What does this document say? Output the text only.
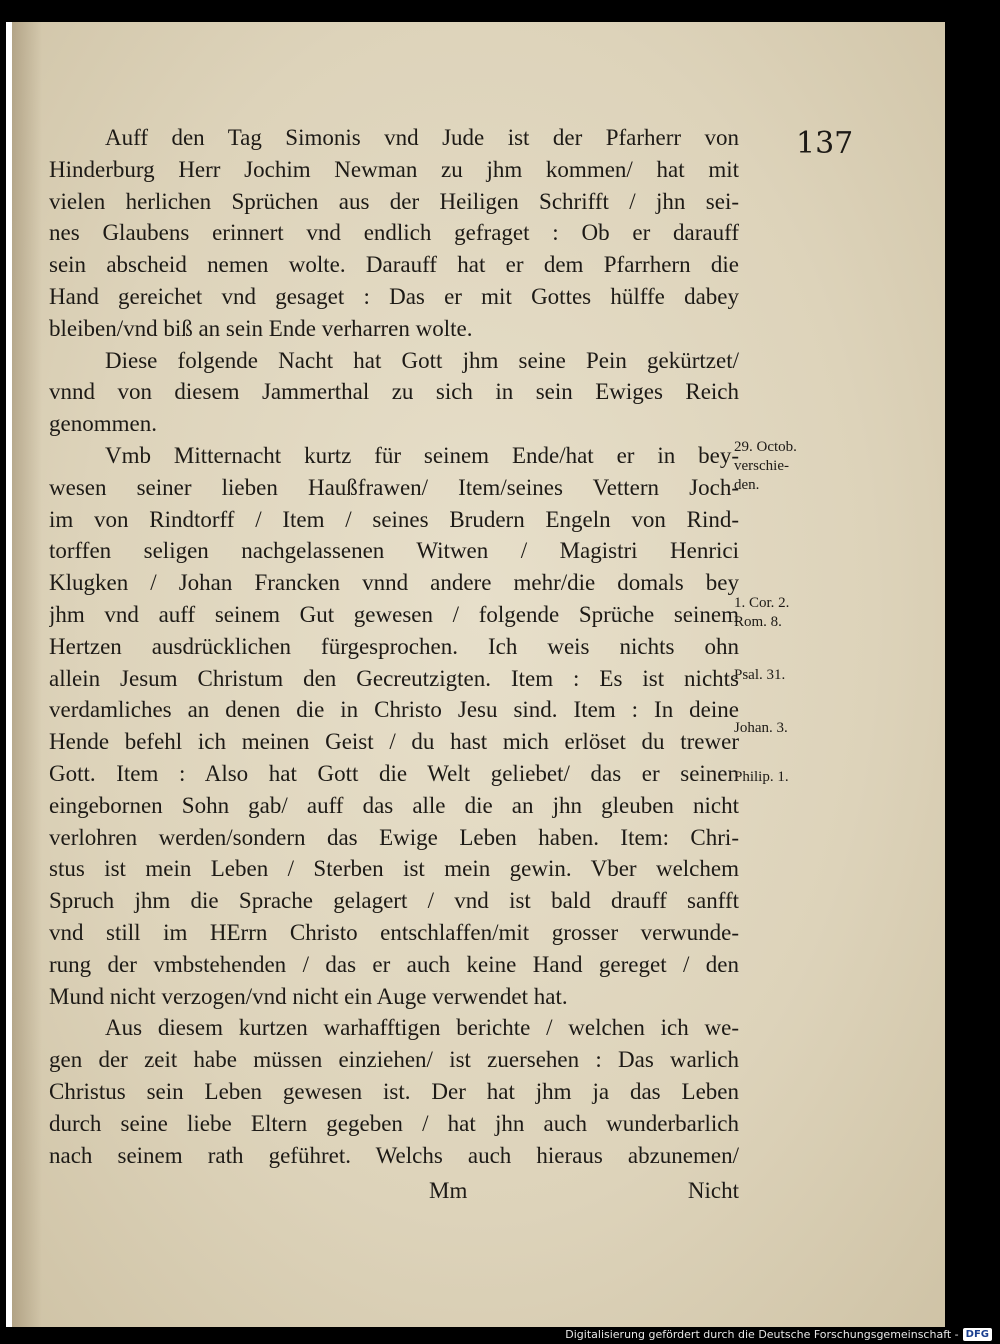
137
Auff den Tag Simonis vnd Jude ist der Pfarherr von
Hinderburg Herr Jochim Newman zu jhm kommen/ hat mit
vielen herlichen Sprüchen aus der Heiligen Schrifft / jhn sei-
nes Glaubens erinnert vnd endlich gefraget : Ob er darauff
sein abscheid nemen wolte. Darauff hat er dem Pfarrhern die
Hand gereichet vnd gesaget : Das er mit Gottes hülffe dabey
bleiben/vnd biß an sein Ende verharren wolte.
Diese folgende Nacht hat Gott jhm seine Pein gekürtzet/
vnnd von diesem Jammerthal zu sich in sein Ewiges Reich
genommen.
Vmb Mitternacht kurtz für seinem Ende/hat er in bey-
wesen seiner lieben Haußfrawen/ Item/seines Vettern Joch-
im von Rindtorff / Item / seines Brudern Engeln von Rind-
torffen seligen nachgelassenen Witwen / Magistri Henrici
Klugken / Johan Francken vnnd andere mehr/die domals bey
jhm vnd auff seinem Gut gewesen / folgende Sprüche seinem
Hertzen ausdrücklichen fürgesprochen. Ich weis nichts ohn
allein Jesum Christum den Gecreutzigten. Item : Es ist nichts
verdamliches an denen die in Christo Jesu sind. Item : In deine
Hende befehl ich meinen Geist / du hast mich erlöset du trewer
Gott. Item : Also hat Gott die Welt geliebet/ das er seinen
eingebornen Sohn gab/ auff das alle die an jhn gleuben nicht
verlohren werden/sondern das Ewige Leben haben. Item: Chri-
stus ist mein Leben / Sterben ist mein gewin. Vber welchem
Spruch jhm die Sprache gelagert / vnd ist bald drauff sanfft
vnd still im HErrn Christo entschlaffen/mit grosser verwunde-
rung der vmbstehenden / das er auch keine Hand gereget / den
Mund nicht verzogen/vnd nicht ein Auge verwendet hat.
Aus diesem kurtzen warhafftigen berichte / welchen ich we-
gen der zeit habe müssen einziehen/ ist zuersehen : Das warlich
Christus sein Leben gewesen ist. Der hat jhm ja das Leben
durch seine liebe Eltern gegeben / hat jhn auch wunderbarlich
nach seinem rath geführet. Welchs auch hieraus abzunemen/
Mm	Nicht
29. Octob.
verschie-
den.
1. Cor. 2.
Rom. 8.
Psal. 31.
Johan. 3.
Philip. 1.
Digitalisierung gefördert durch die Deutsche Forschungsgemeinschaft - DFG
